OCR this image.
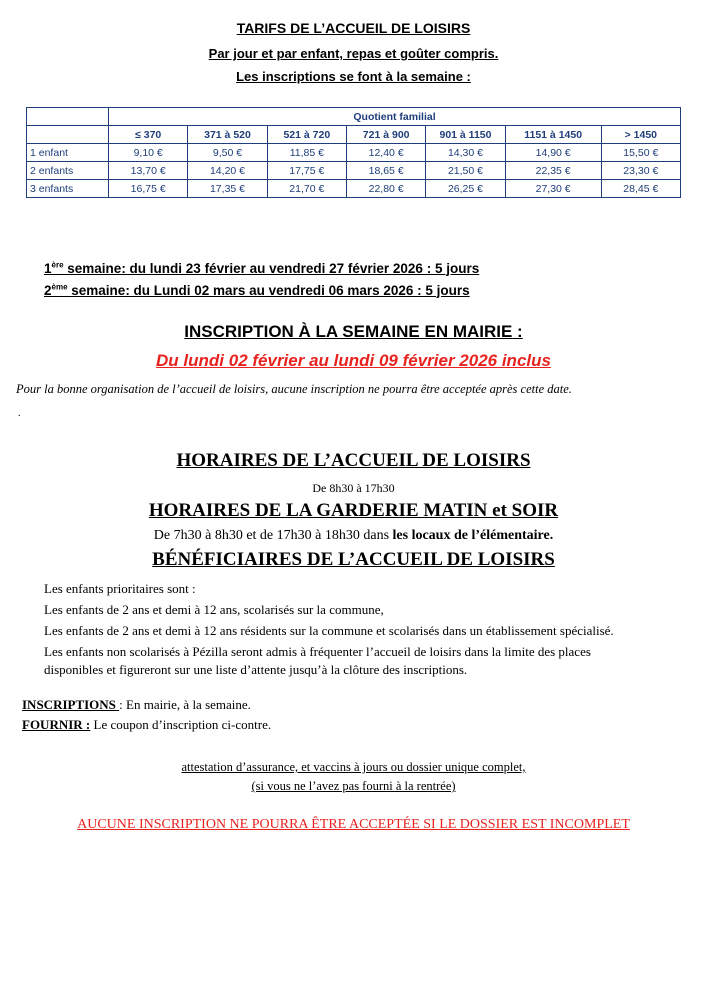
TARIFS DE L’ACCUEIL DE LOISIRS
Par jour et par enfant, repas et goûter compris.
Les inscriptions se font à la semaine :
	Quotient familial						
	≤ 370	371 à 520	521 à 720	721 à 900	901 à 1150	1151 à 1450	> 1450
1 enfant	9,10 €	9,50 €	11,85 €	12,40 €	14,30 €	14,90 €	15,50 €
2 enfants	13,70 €	14,20 €	17,75 €	18,65 €	21,50 €	22,35 €	23,30 €
3 enfants	16,75 €	17,35 €	21,70 €	22,80 €	26,25 €	27,30 €	28,45 €
1ère semaine: du lundi 23 février au vendredi 27 février 2026 : 5 jours
2ème semaine: du Lundi 02 mars au vendredi 06 mars 2026 : 5 jours
INSCRIPTION À LA SEMAINE EN MAIRIE :
Du lundi 02 février au lundi 09 février 2026 inclus
Pour la bonne organisation de l’accueil de loisirs, aucune inscription ne pourra être acceptée après cette date.
.
HORAIRES DE L’ACCUEIL DE LOISIRS
De 8h30 à 17h30
HORAIRES DE LA GARDERIE MATIN et SOIR
De 7h30 à 8h30 et de 17h30 à 18h30 dans les locaux de l’élémentaire.
BÉNÉFICIAIRES DE L’ACCUEIL DE LOISIRS
Les enfants prioritaires sont :
Les enfants de 2 ans et demi à 12 ans, scolarisés sur la commune,
Les enfants de 2 ans et demi à 12 ans résidents sur la commune et scolarisés dans un établissement spécialisé.
Les enfants non scolarisés à Pézilla seront admis à fréquenter l’accueil de loisirs dans la limite des places
disponibles et figureront sur une liste d’attente jusqu’à la clôture des inscriptions.
INSCRIPTIONS : En mairie, à la semaine.
FOURNIR : Le coupon d’inscription ci-contre.
attestation d’assurance, et vaccins à jours ou dossier unique complet,
(si vous ne l’avez pas fourni à la rentrée)
AUCUNE INSCRIPTION NE POURRA ÊTRE ACCEPTÉE SI LE DOSSIER EST INCOMPLET
